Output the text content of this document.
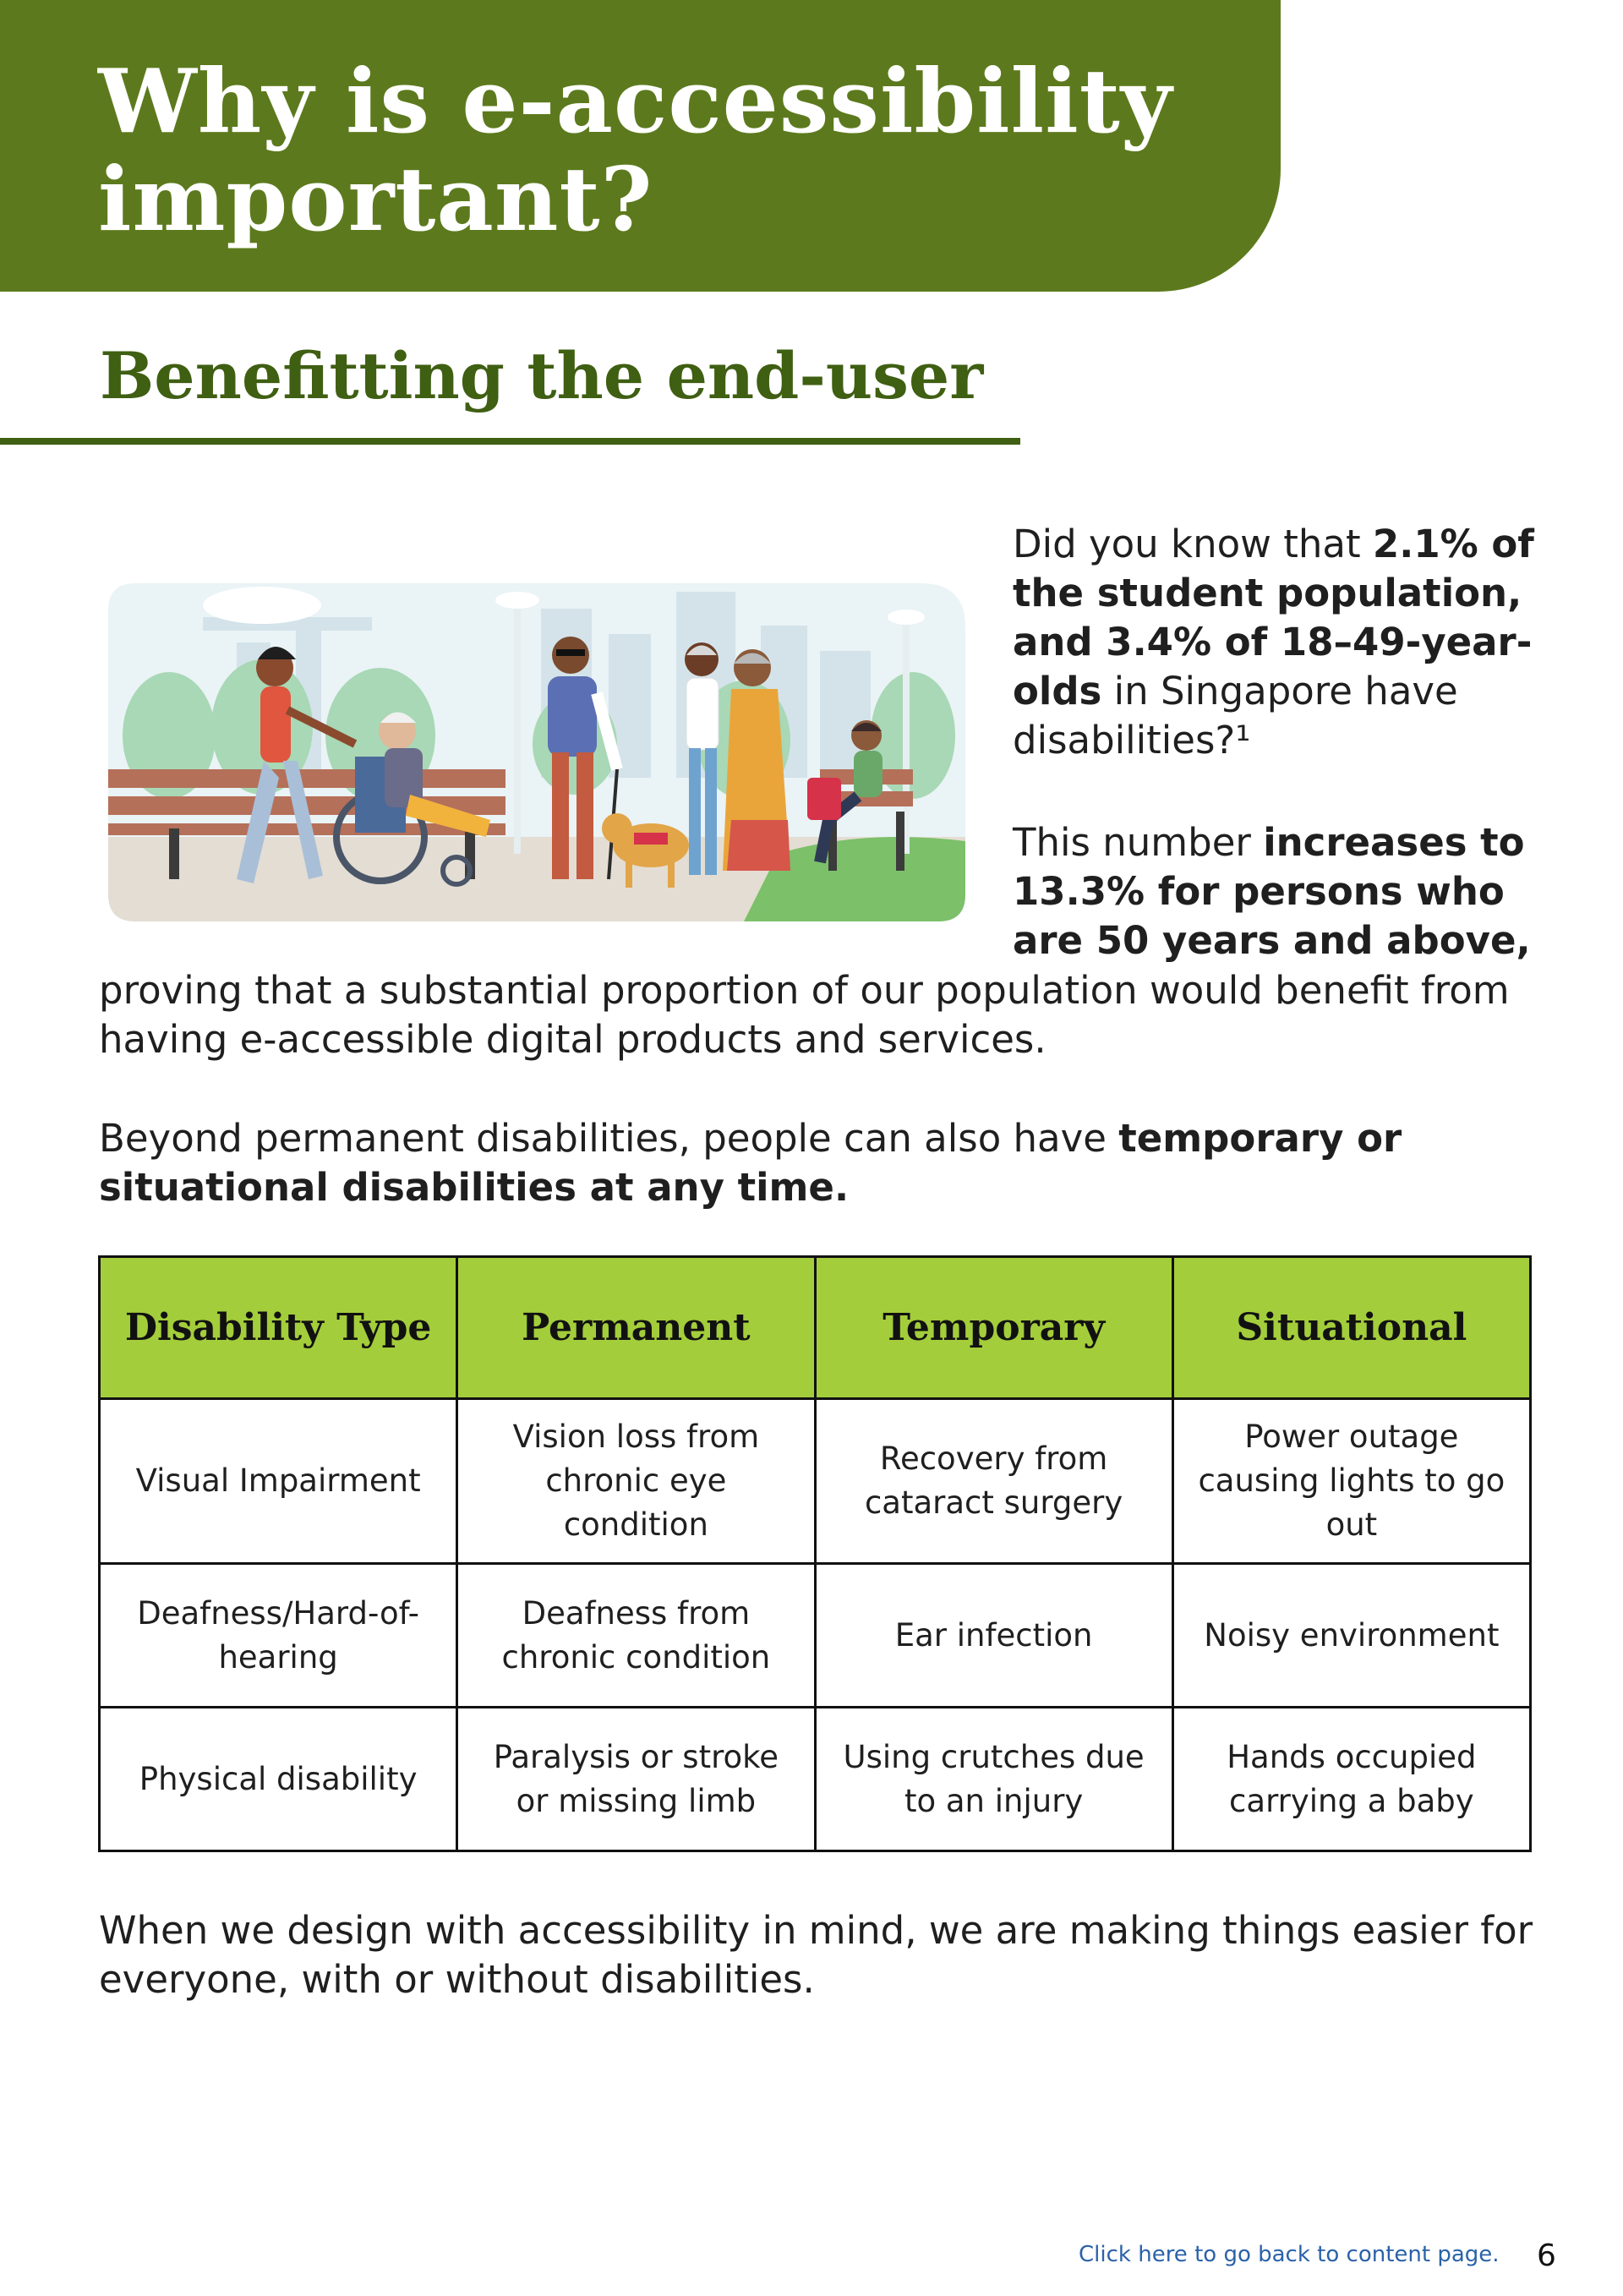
Why is e-accessibility
important?
Benefitting the end-user

Did you know that 2.1% of the student population, and 3.4% of 18–49-year-olds in Singapore have disabilities?¹

This number increases to 13.3% for persons who are 50 years and above,

proving that a substantial proportion of our population would benefit from having e-accessible digital products and services.

Beyond permanent disabilities, people can also have temporary or situational disabilities at any time.

Disability Type	Permanent	Temporary	Situational
Visual Impairment	Vision loss from chronic eye condition	Recovery from cataract surgery	Power outage causing lights to go out
Deafness/Hard-of-hearing	Deafness from chronic condition	Ear infection	Noisy environment
Physical disability	Paralysis or stroke or missing limb	Using crutches due to an injury	Hands occupied carrying a baby

When we design with accessibility in mind, we are making things easier for everyone, with or without disabilities.

Click here to go back to content page. 6
